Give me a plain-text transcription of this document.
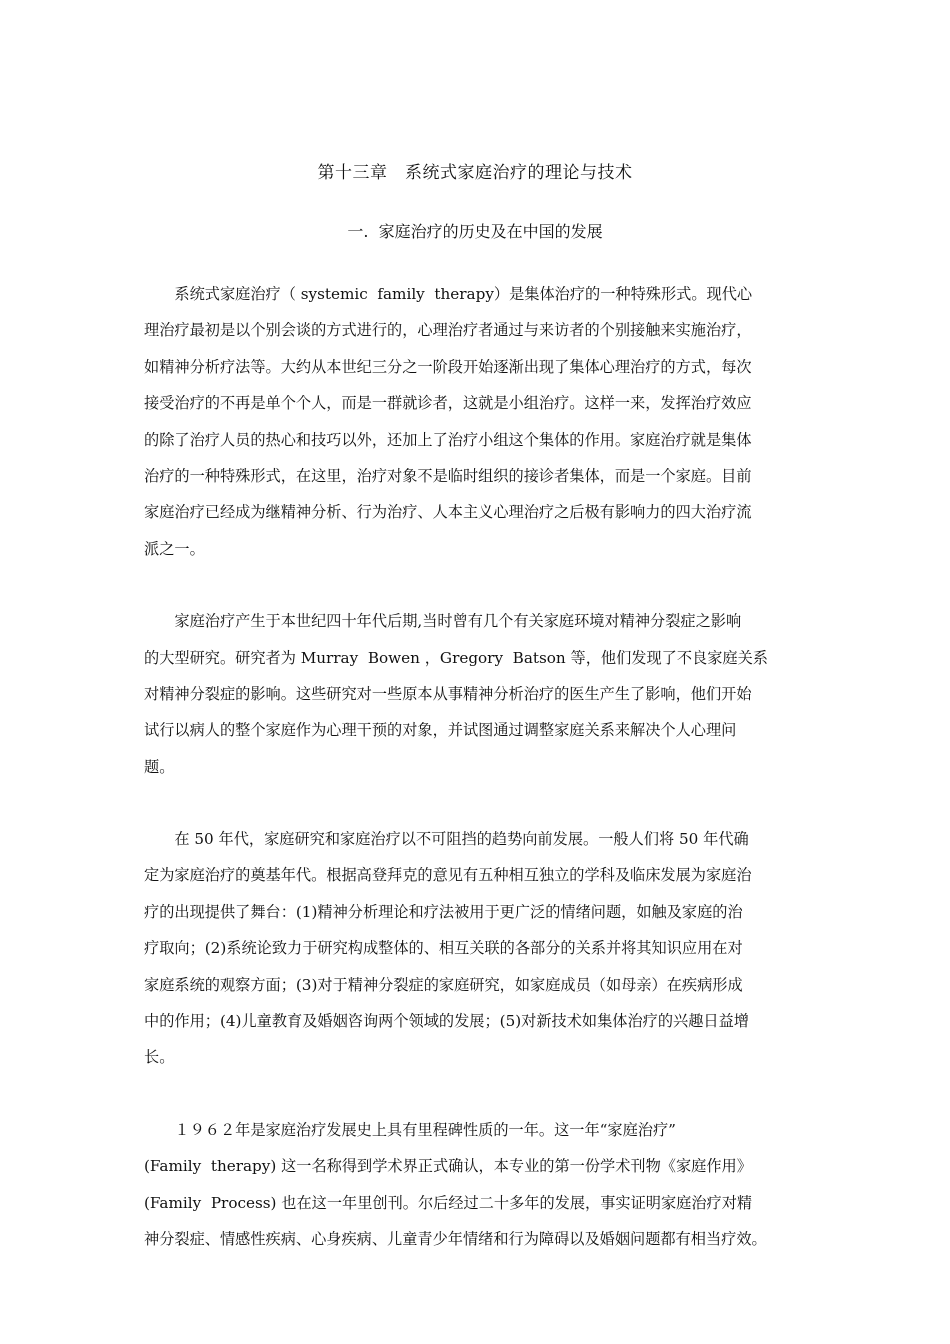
第十三章　系统式家庭治疗的理论与技术
一.  家庭治疗的历史及在中国的发展

　　系统式家庭治疗（ systemic  family  therapy）是集体治疗的一种特殊形式。现代心
理治疗最初是以个别会谈的方式进行的，心理治疗者通过与来访者的个别接触来实施治疗，
如精神分析疗法等。大约从本世纪三分之一阶段开始逐渐出现了集体心理治疗的方式，每次
接受治疗的不再是单个个人，而是一群就诊者，这就是小组治疗。这样一来，发挥治疗效应
的除了治疗人员的热心和技巧以外，还加上了治疗小组这个集体的作用。家庭治疗就是集体
治疗的一种特殊形式，在这里，治疗对象不是临时组织的接诊者集体，而是一个家庭。目前
家庭治疗已经成为继精神分析、行为治疗、人本主义心理治疗之后极有影响力的四大治疗流
派之一。

　　家庭治疗产生于本世纪四十年代后期,当时曾有几个有关家庭环境对精神分裂症之影响
的大型研究。研究者为 Murray  Bowen ，Gregory  Batson 等，他们发现了不良家庭关系
对精神分裂症的影响。这些研究对一些原本从事精神分析治疗的医生产生了影响，他们开始
试行以病人的整个家庭作为心理干预的对象，并试图通过调整家庭关系来解决个人心理问
题。

　　在 50 年代，家庭研究和家庭治疗以不可阻挡的趋势向前发展。一般人们将 50 年代确
定为家庭治疗的奠基年代。根据高登拜克的意见有五种相互独立的学科及临床发展为家庭治
疗的出现提供了舞台：(1)精神分析理论和疗法被用于更广泛的情绪问题，如触及家庭的治
疗取向；(2)系统论致力于研究构成整体的、相互关联的各部分的关系并将其知识应用在对
家庭系统的观察方面；(3)对于精神分裂症的家庭研究，如家庭成员（如母亲）在疾病形成
中的作用；(4)儿童教育及婚姻咨询两个领域的发展；(5)对新技术如集体治疗的兴趣日益增
长。

　　１９６２年是家庭治疗发展史上具有里程碑性质的一年。这一年“家庭治疗”
(Family  therapy) 这一名称得到学术界正式确认，本专业的第一份学术刊物《家庭作用》
(Family  Process) 也在这一年里创刊。尔后经过二十多年的发展，事实证明家庭治疗对精
神分裂症、情感性疾病、心身疾病、儿童青少年情绪和行为障碍以及婚姻问题都有相当疗效。
